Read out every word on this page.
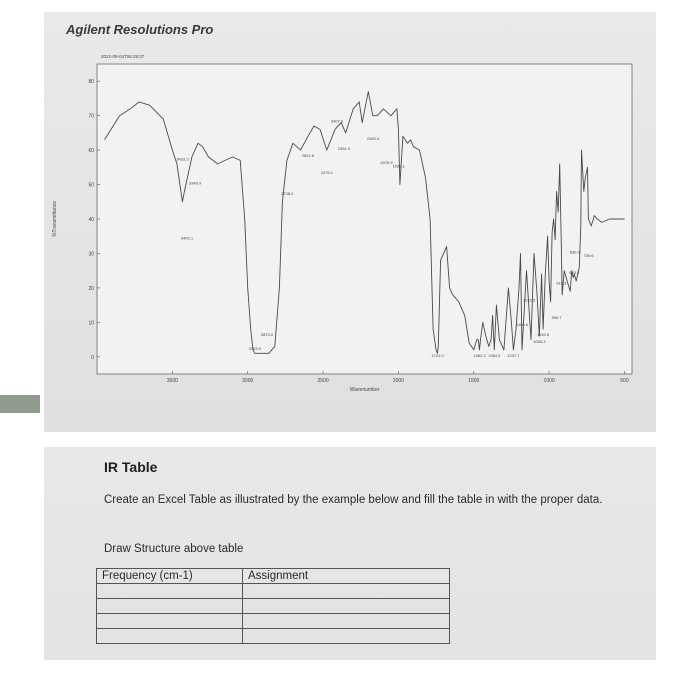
Agilent Resolutions Pro
2022-09-04T06:29:37
%Transmittance
Wavenumber
80
70
60
50
40
30
20
10
0
3500	3000	2500	2000	1500	1000	500
3433.3
3349.9
3403.1
2953.9
2873.0
2738.2
2601.6
2475.1
2407.9
2361.9
2169.4
2079.9
1998.1
1741.0	1462.3 1364.4 1237.7
1065.3
1040.6
1180.6
950.7
1132.5
919.3
833.3
739.6
830.0
IR Table
Create an Excel Table as illustrated by the example below and fill the table in with the proper data.
Draw Structure above table
Frequency (cm-1)	Assignment
